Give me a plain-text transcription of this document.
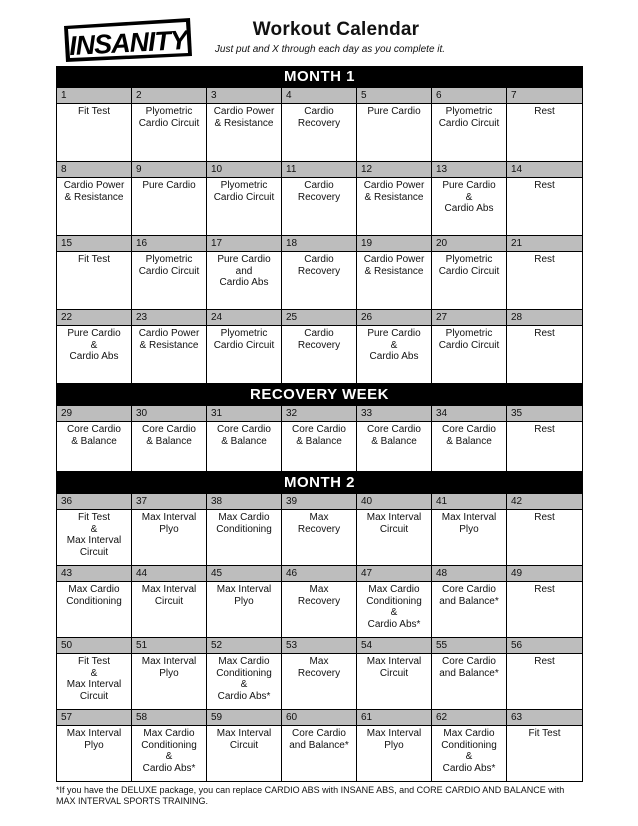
INSANITY	Workout Calendar
Just put and X through each day as you complete it.
MONTH 1
1
Fit Test
2
Plyometric
Cardio Circuit
3
Cardio Power
& Resistance
4
Cardio
Recovery
5
Pure Cardio
6
Plyometric
Cardio Circuit
7
Rest
8
Cardio Power
& Resistance
9
Pure Cardio
10
Plyometric
Cardio Circuit
11
Cardio
Recovery
12
Cardio Power
& Resistance
13
Pure Cardio
&
Cardio Abs
14
Rest
15
Fit Test
16
Plyometric
Cardio Circuit
17
Pure Cardio
and
Cardio Abs
18
Cardio
Recovery
19
Cardio Power
& Resistance
20
Plyometric
Cardio Circuit
21
Rest
22
Pure Cardio
&
Cardio Abs
23
Cardio Power
& Resistance
24
Plyometric
Cardio Circuit
25
Cardio
Recovery
26
Pure Cardio
&
Cardio Abs
27
Plyometric
Cardio Circuit
28
Rest
RECOVERY WEEK
29
Core Cardio
& Balance
30
Core Cardio
& Balance
31
Core Cardio
& Balance
32
Core Cardio
& Balance
33
Core Cardio
& Balance
34
Core Cardio
& Balance
35
Rest
MONTH 2
36
Fit Test
&
Max Interval
Circuit
37
Max Interval
Plyo
38
Max Cardio
Conditioning
39
Max
Recovery
40
Max Interval
Circuit
41
Max Interval
Plyo
42
Rest
43
Max Cardio
Conditioning
44
Max Interval
Circuit
45
Max Interval
Plyo
46
Max
Recovery
47
Max Cardio
Conditioning
&
Cardio Abs*
48
Core Cardio
and Balance*
49
Rest
50
Fit Test
&
Max Interval
Circuit
51
Max Interval
Plyo
52
Max Cardio
Conditioning
&
Cardio Abs*
53
Max
Recovery
54
Max Interval
Circuit
55
Core Cardio
and Balance*
56
Rest
57
Max Interval
Plyo
58
Max Cardio
Conditioning
&
Cardio Abs*
59
Max Interval
Circuit
60
Core Cardio
and Balance*
61
Max Interval
Plyo
62
Max Cardio
Conditioning
&
Cardio Abs*
63
Fit Test
*If you have the DELUXE package, you can replace CARDIO ABS with INSANE ABS, and CORE CARDIO AND BALANCE with MAX INTERVAL SPORTS TRAINING.
